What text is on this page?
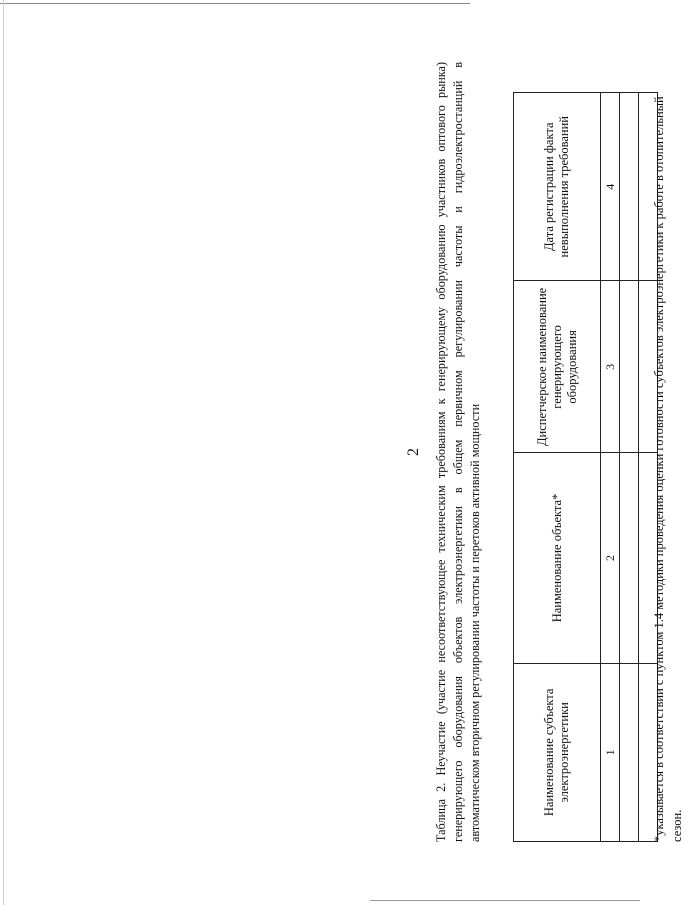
2 Таблица 2. Неучастие (участие несоответствующее техническим требованиям к генерирующему оборудованию участников оптового рынка) генерирующего оборудования объектов электроэнергетики в общем первичном регулировании частоты и гидроэлектростанций в автоматическом вторичном регулировании частоты и перетоков активной мощности	Наименование субъекта электроэнергетики	Наименование объекта*	Диспетчерское наименование генерирующего оборудования	Дата регистрации факта невыполнения требований
1	2	3	4

				*указывается в соответствии с пунктом 1.4 методики проведения оценки готовности субъектов электроэнергетики к работе в отопительный сезон.
